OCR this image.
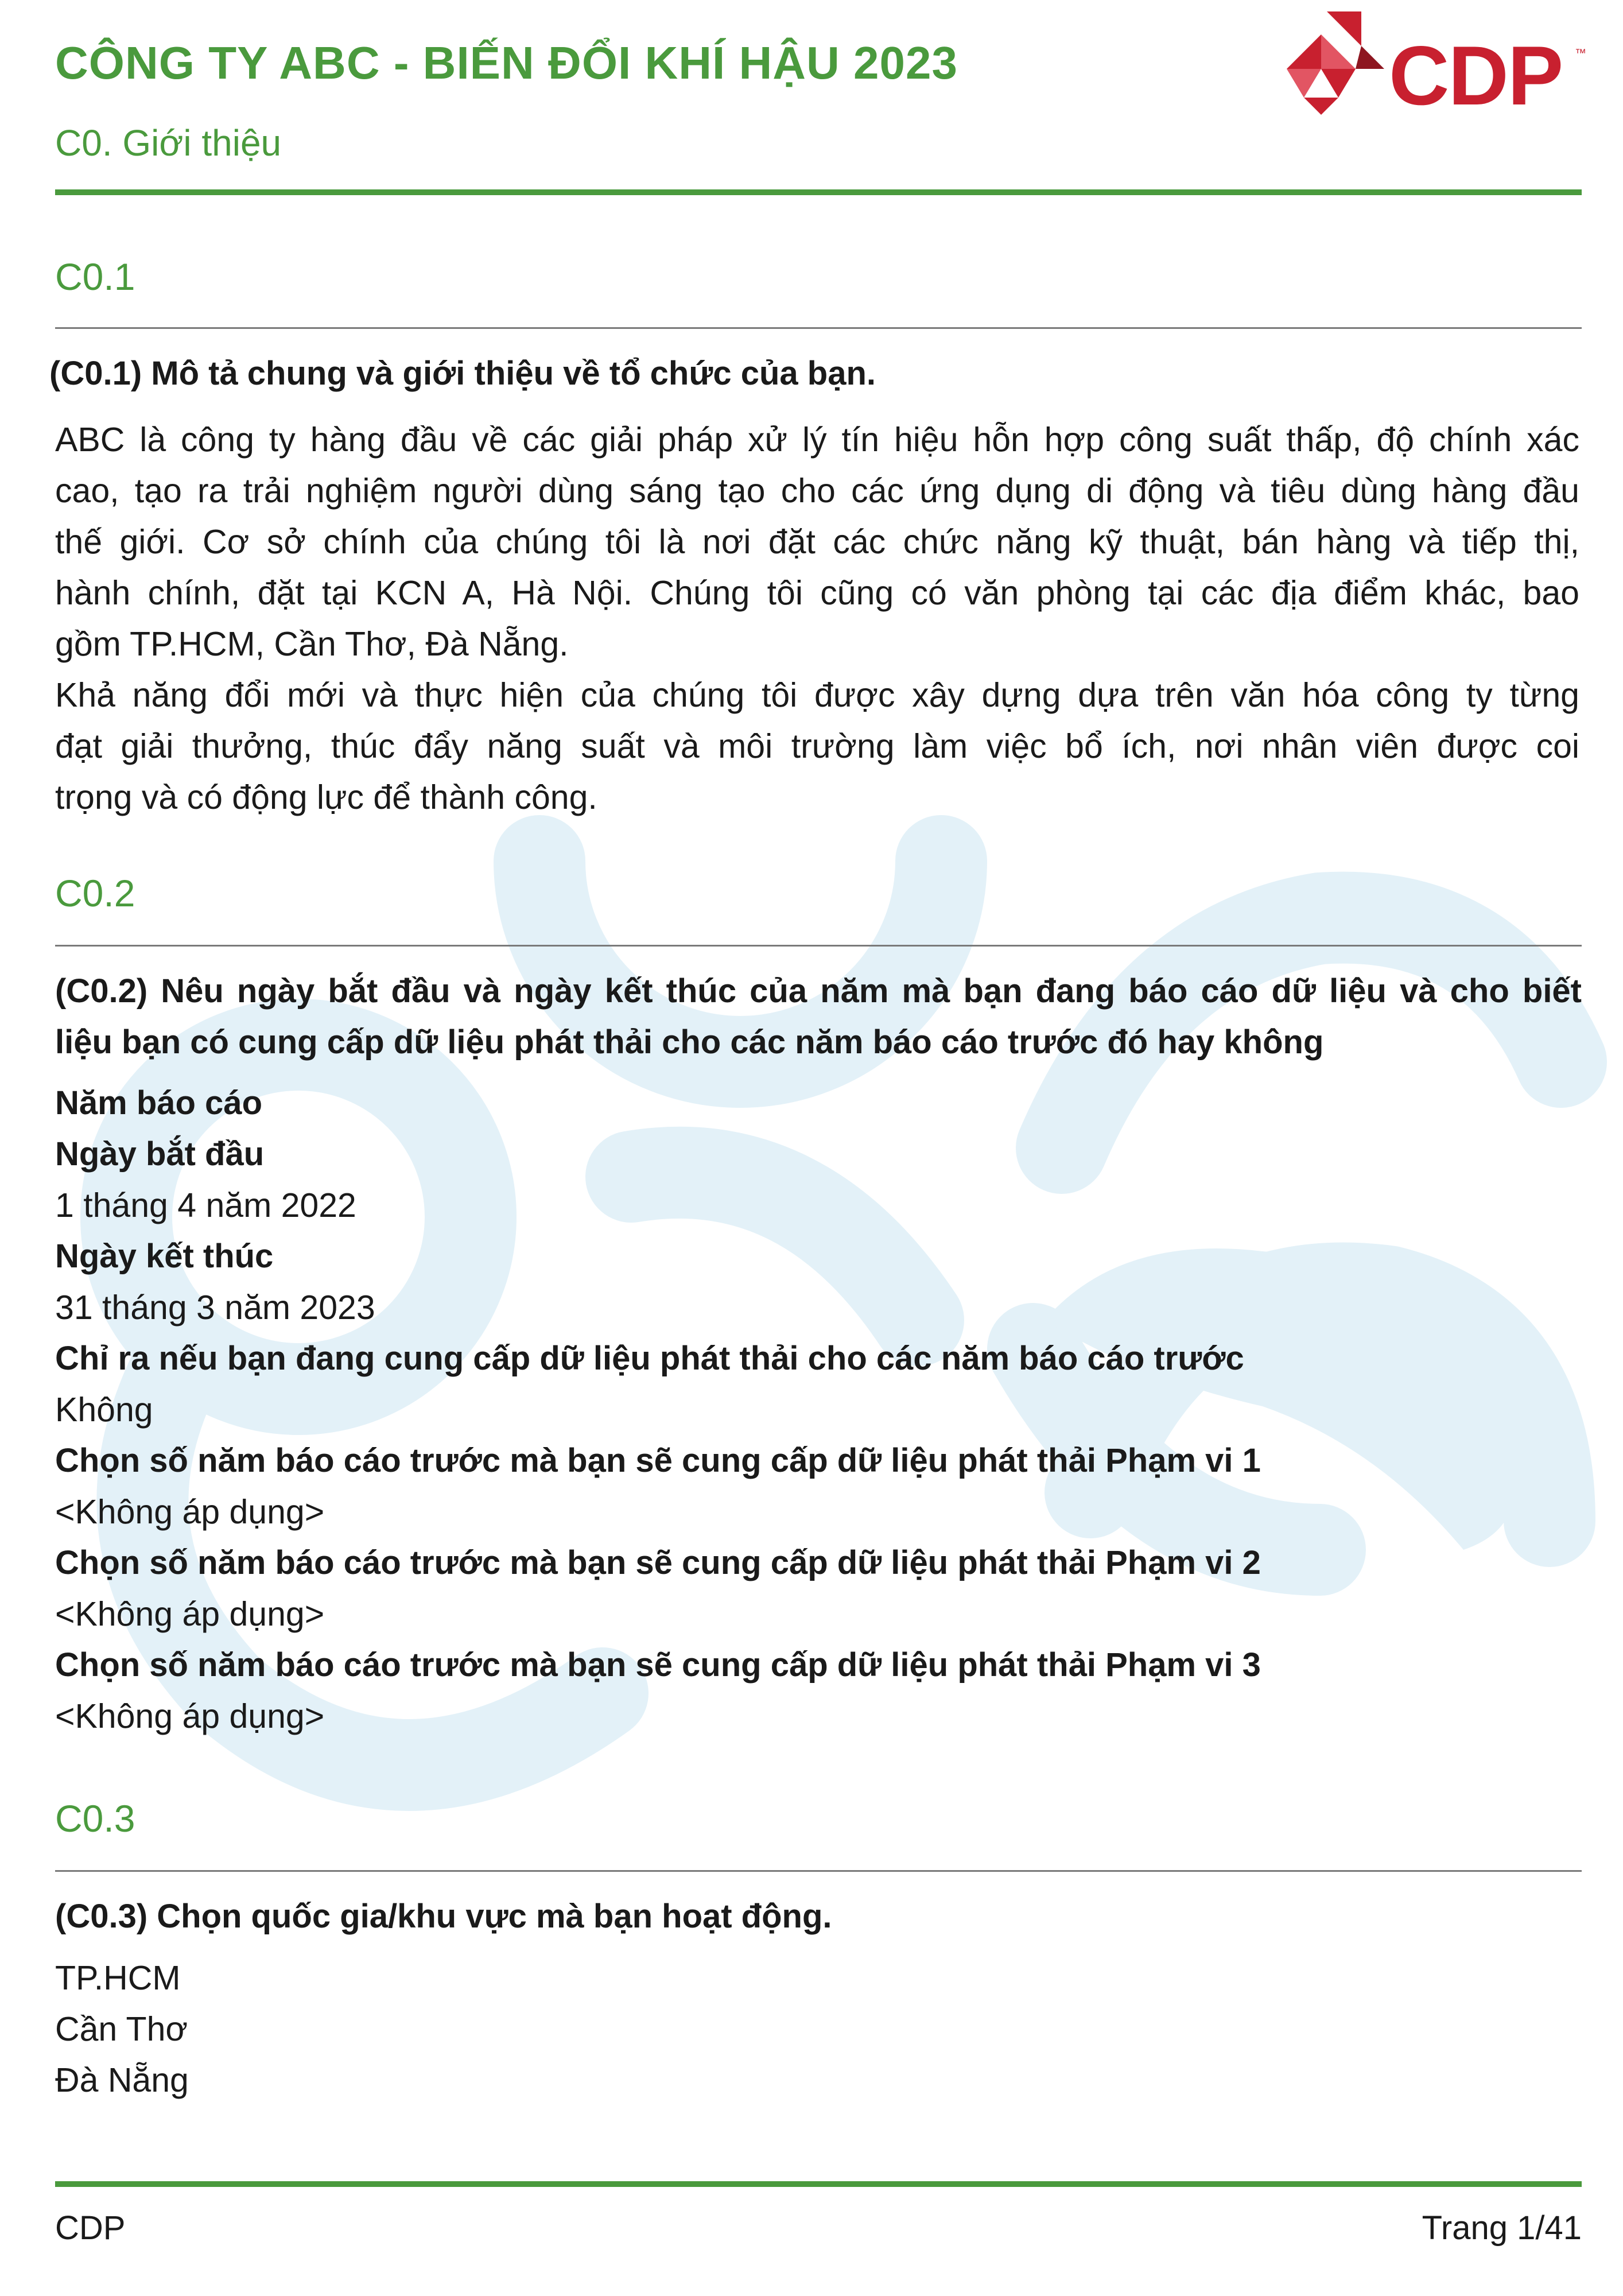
CÔNG TY ABC - BIẾN ĐỔI KHÍ HẬU 2023
C0. Giới thiệu
CDP ™
C0.1
(C0.1) Mô tả chung và giới thiệu về tổ chức của bạn.
ABC là công ty hàng đầu về các giải pháp xử lý tín hiệu hỗn hợp công suất thấp, độ chính xác
cao, tạo ra trải nghiệm người dùng sáng tạo cho các ứng dụng di động và tiêu dùng hàng đầu
thế giới. Cơ sở chính của chúng tôi là nơi đặt các chức năng kỹ thuật, bán hàng và tiếp thị,
hành chính, đặt tại KCN A, Hà Nội. Chúng tôi cũng có văn phòng tại các địa điểm khác, bao
gồm TP.HCM, Cần Thơ, Đà Nẵng.
Khả năng đổi mới và thực hiện của chúng tôi được xây dựng dựa trên văn hóa công ty từng
đạt giải thưởng, thúc đẩy năng suất và môi trường làm việc bổ ích, nơi nhân viên được coi
trọng và có động lực để thành công.
C0.2
(C0.2) Nêu ngày bắt đầu và ngày kết thúc của năm mà bạn đang báo cáo dữ liệu và cho biết
liệu bạn có cung cấp dữ liệu phát thải cho các năm báo cáo trước đó hay không
Năm báo cáo
Ngày bắt đầu
1 tháng 4 năm 2022
Ngày kết thúc
31 tháng 3 năm 2023
Chỉ ra nếu bạn đang cung cấp dữ liệu phát thải cho các năm báo cáo trước
Không
Chọn số năm báo cáo trước mà bạn sẽ cung cấp dữ liệu phát thải Phạm vi 1
<Không áp dụng>
Chọn số năm báo cáo trước mà bạn sẽ cung cấp dữ liệu phát thải Phạm vi 2
<Không áp dụng>
Chọn số năm báo cáo trước mà bạn sẽ cung cấp dữ liệu phát thải Phạm vi 3
<Không áp dụng>
C0.3
(C0.3) Chọn quốc gia/khu vực mà bạn hoạt động.
TP.HCM
Cần Thơ
Đà Nẵng
CDP	Trang 1/41
